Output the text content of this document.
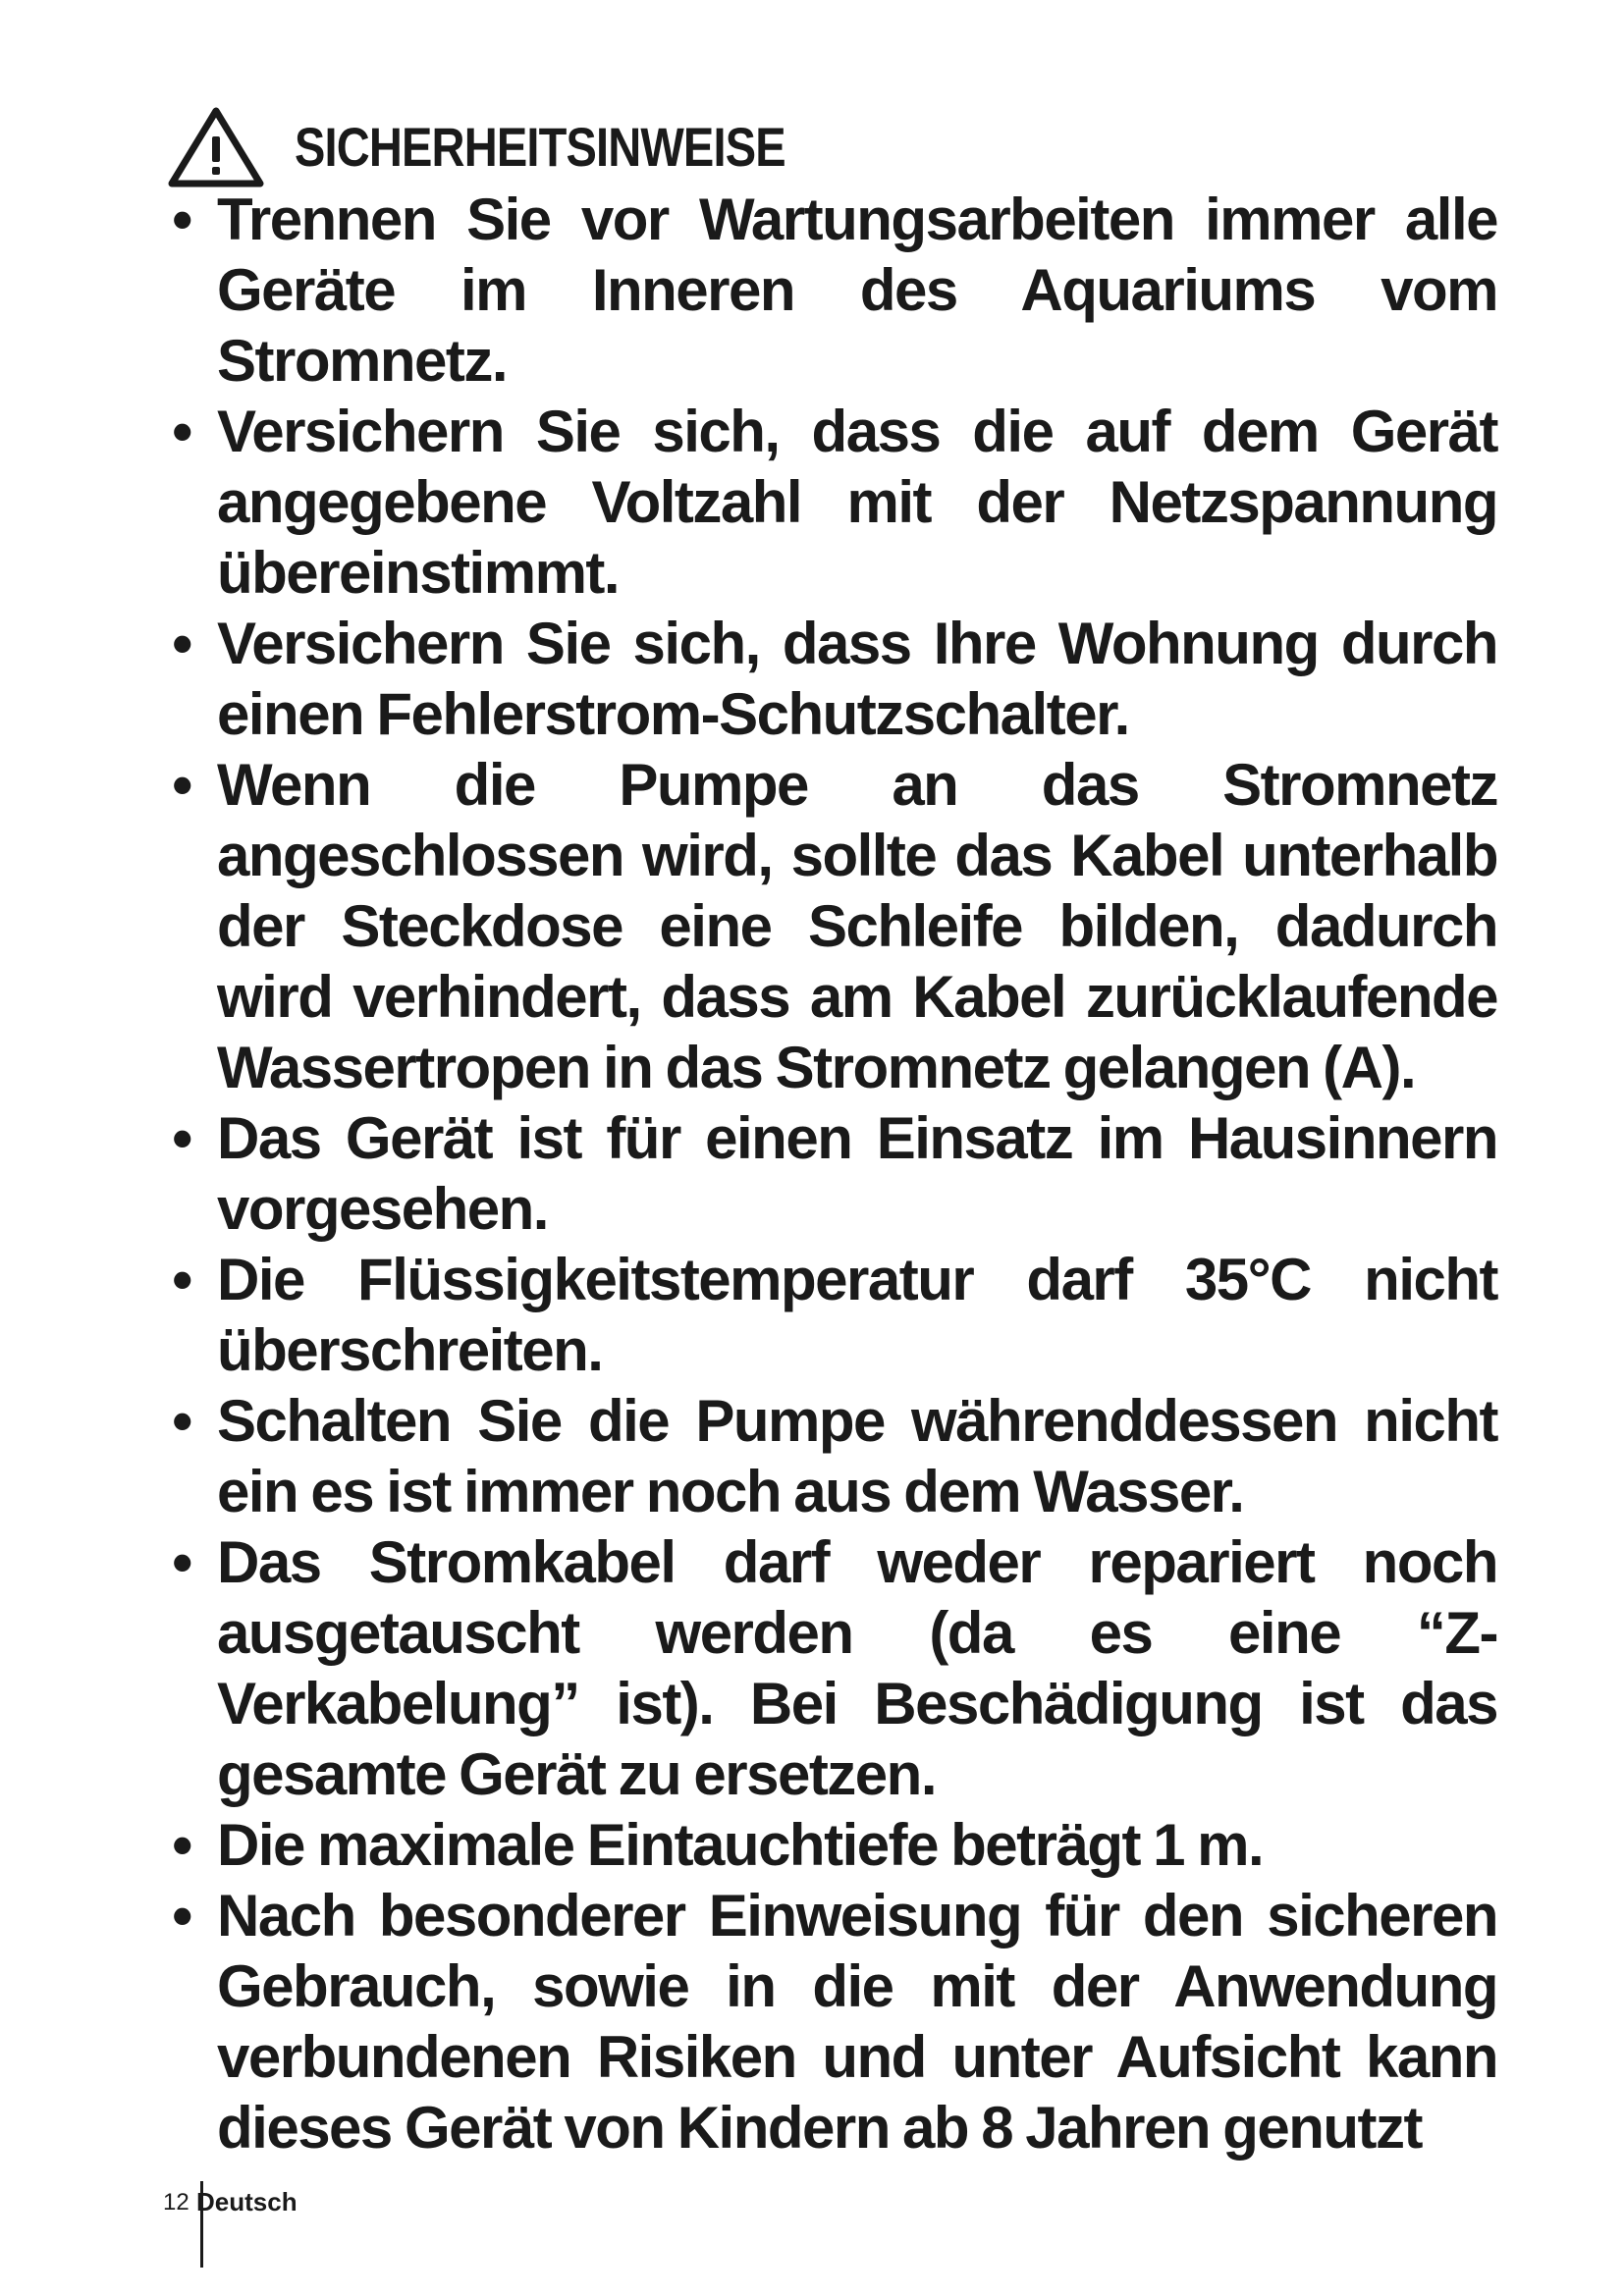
SICHERHEITSINWEISE
• Trennen Sie vor Wartungsarbeiten immer alle Geräte im Inneren des Aquariums vom Stromnetz.
• Versichern Sie sich, dass die auf dem Gerät angegebene Voltzahl mit der Netzspannung übereinstimmt.
• Versichern Sie sich, dass Ihre Wohnung durch einen Fehlerstrom-Schutzschalter.
• Wenn die Pumpe an das Stromnetz angeschlossen wird, sollte das Kabel unterhalb der Steckdose eine Schleife bilden, dadurch wird verhindert, dass am Kabel zurücklaufende Wassertropen in das Stromnetz gelangen (A).
• Das Gerät ist für einen Einsatz im Hausinnern vorgesehen.
• Die Flüssigkeitstemperatur darf 35°C nicht überschreiten.
• Schalten Sie die Pumpe währenddessen nicht ein es ist immer noch aus dem Wasser.
• Das Stromkabel darf weder repariert noch ausgetauscht werden (da es eine “Z- Verkabelung” ist). Bei Beschädigung ist das gesamte Gerät zu ersetzen.
• Die maximale Eintauchtiefe beträgt 1 m.
• Nach besonderer Einweisung für den sicheren Gebrauch, sowie in die mit der Anwendung verbundenen Risiken und unter Aufsicht kann dieses Gerät von Kindern ab 8 Jahren genutzt
12 Deutsch
